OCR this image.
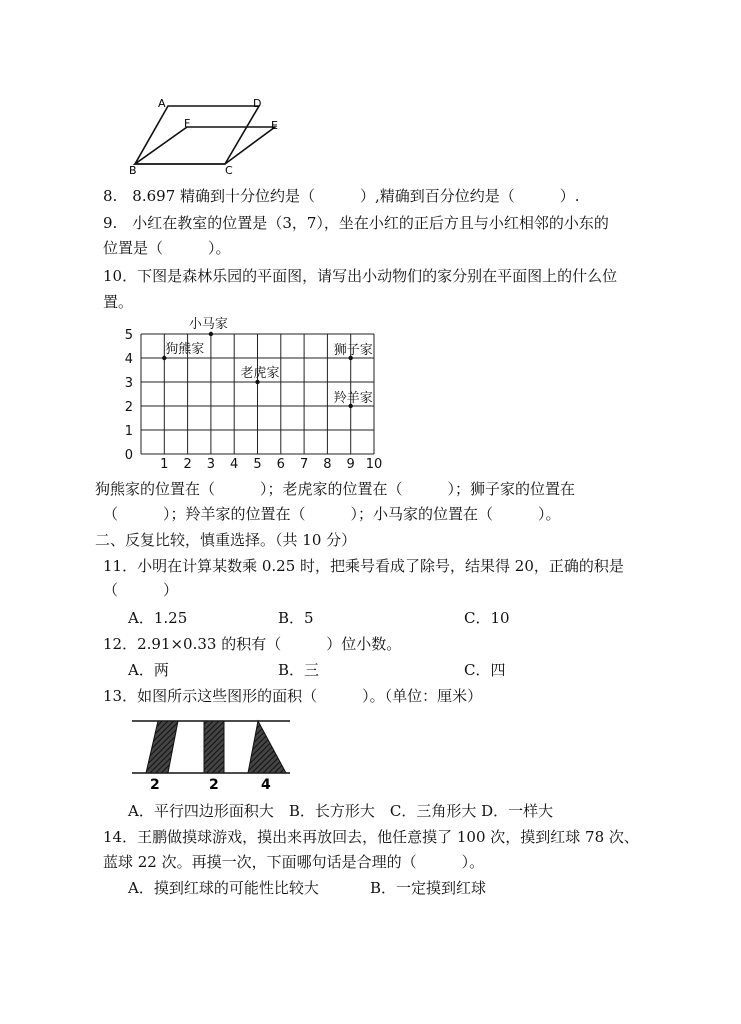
A	D
F	E
B	C
8.　8.697 精确到十分位约是（　　　）,精确到百分位约是（　　　）.
9.　小红在教室的位置是（3，7），坐在小红的正后方且与小红相邻的小东的
位置是（　　　）。
10．下图是森林乐园的平面图，请写出小动物们的家分别在平面图上的什么位
置。
1 2 3 4 5 6 7 8 9 10
0
1
2
3
4
5
小马家
狗熊家	狮子家
老虎家
羚羊家
狗熊家的位置在（　　　）；老虎家的位置在（　　　）；狮子家的位置在
（　　　）；羚羊家的位置在（　　　）；小马家的位置在（　　　）。
二、反复比较，慎重选择。（共 10 分）
11．小明在计算某数乘 0.25 时，把乘号看成了除号，结果得 20，正确的积是
（　　　）
A．1.25	B．5	C．10
12．2.91×0.33 的积有（　　　）位小数。
A．两	B．三	C．四
13．如图所示这些图形的面积（　　　）。（单位：厘米）
2	2	4
A．平行四边形面积大　B．长方形大　C．三角形大 D．一样大
14．王鹏做摸球游戏，摸出来再放回去，他任意摸了 100 次，摸到红球 78 次、
蓝球 22 次。再摸一次，下面哪句话是合理的（　　　）。
A．摸到红球的可能性比较大	B．一定摸到红球
